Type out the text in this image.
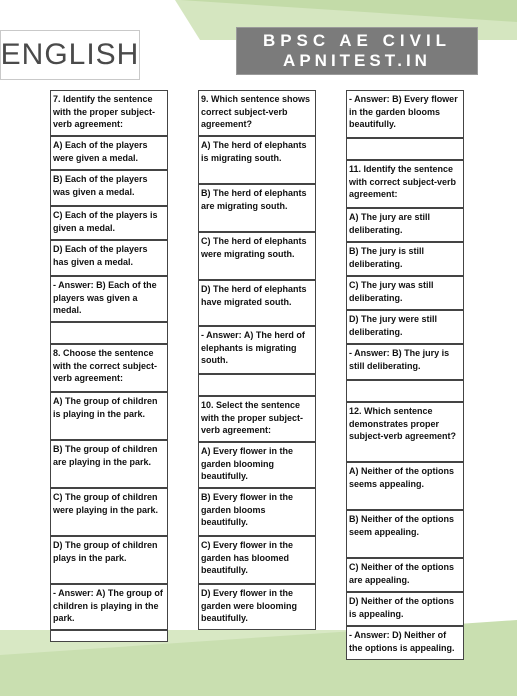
ENGLISH	BPSC AE CIVIL
APNITEST.IN
7. Identify the sentence with the proper subject-verb agreement:
A) Each of the players were given a medal.
B) Each of the players was given a medal.
C) Each of the players is given a medal.
D) Each of the players has given a medal.
- Answer: B) Each of the players was given a medal.
8. Choose the sentence with the correct subject-verb agreement:
A) The group of children is playing in the park.
B) The group of children are playing in the park.
C) The group of children were playing in the park.
D) The group of children plays in the park.
- Answer: A) The group of children is playing in the park.
9. Which sentence shows correct subject-verb agreement?
A) The herd of elephants is migrating south.
B) The herd of elephants are migrating south.
C) The herd of elephants were migrating south.
D) The herd of elephants have migrated south.
- Answer: A) The herd of elephants is migrating south.
10. Select the sentence with the proper subject-verb agreement:
A) Every flower in the garden blooming beautifully.
B) Every flower in the garden blooms beautifully.
C) Every flower in the garden has bloomed beautifully.
D) Every flower in the garden were blooming beautifully.
- Answer: B) Every flower in the garden blooms beautifully.
11. Identify the sentence with correct subject-verb agreement:
A) The jury are still deliberating.
B) The jury is still deliberating.
C) The jury was still deliberating.
D) The jury were still deliberating.
- Answer: B) The jury is still deliberating.
12. Which sentence demonstrates proper subject-verb agreement?
A) Neither of the options seems appealing.
B) Neither of the options seem appealing.
C) Neither of the options are appealing.
D) Neither of the options is appealing.
- Answer: D) Neither of the options is appealing.
